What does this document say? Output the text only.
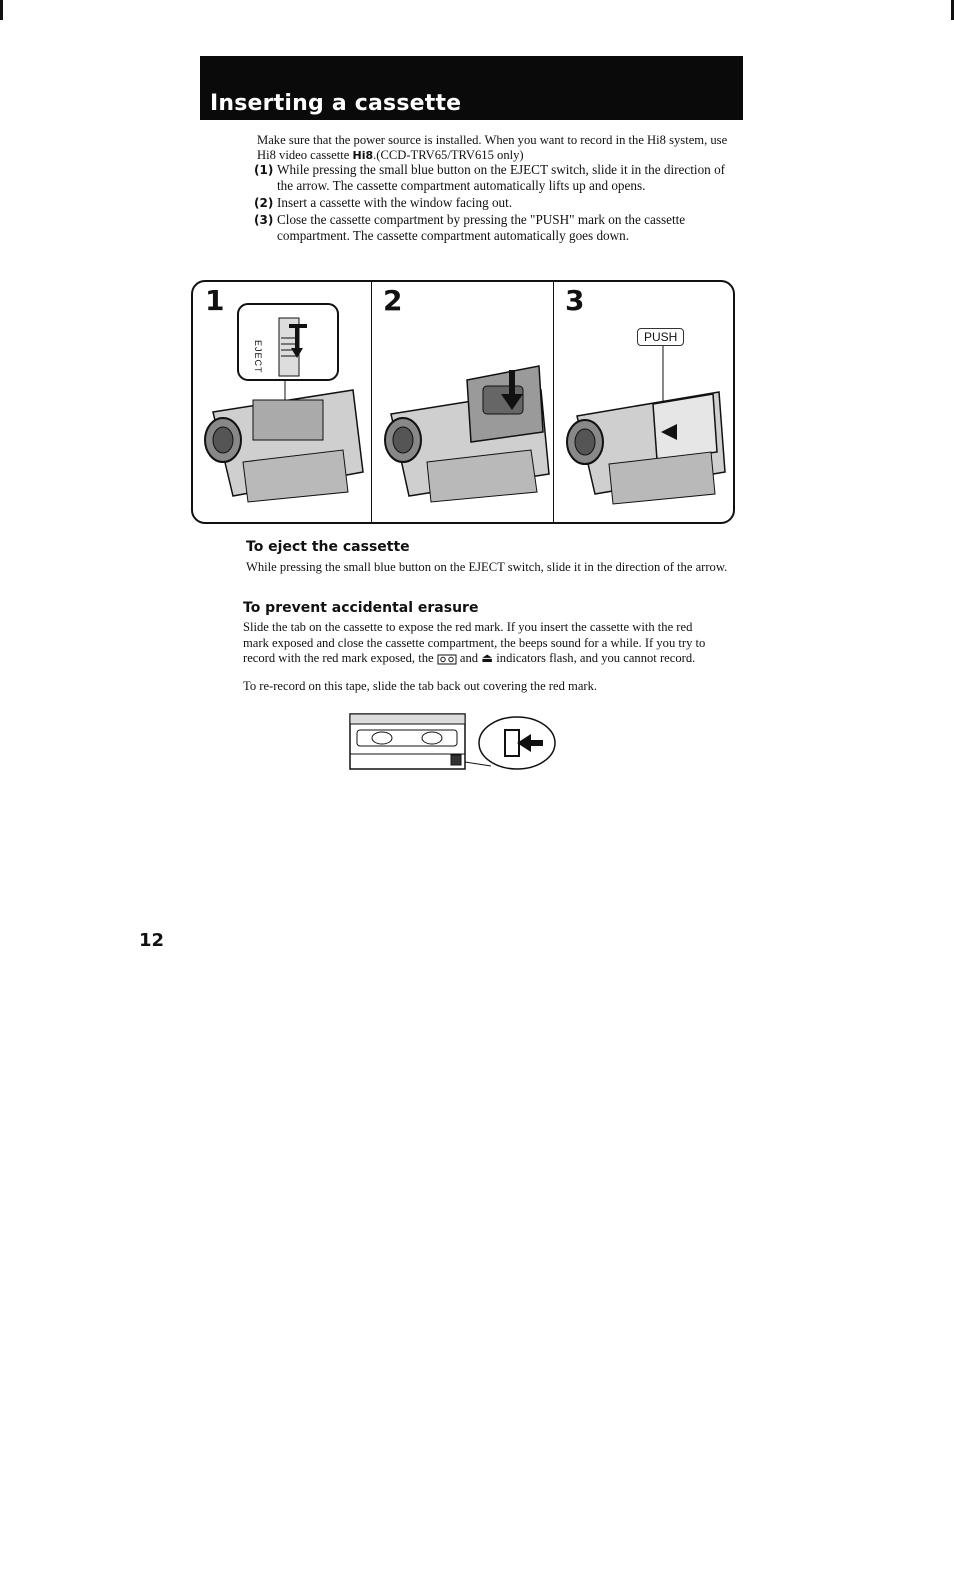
Inserting a cassette
Make sure that the power source is installed. When you want to record in the Hi8 system, use Hi8 video cassette Hi8.(CCD-TRV65/TRV615 only)
(1) While pressing the small blue button on the EJECT switch, slide it in the direction of the arrow. The cassette compartment automatically lifts up and opens.
(2) Insert a cassette with the window facing out.
(3) Close the cassette compartment by pressing the "PUSH" mark on the cassette compartment. The cassette compartment automatically goes down.
1
EJECT
2	3
PUSH
To eject the cassette
While pressing the small blue button on the EJECT switch, slide it in the direction of the arrow.
To prevent accidental erasure
Slide the tab on the cassette to expose the red mark. If you insert the cassette with the red mark exposed and close the cassette compartment, the beeps sound for a while. If you try to record with the red mark exposed, the  and ⏏ indicators flash, and you cannot record.
To re-record on this tape, slide the tab back out covering the red mark.
12
